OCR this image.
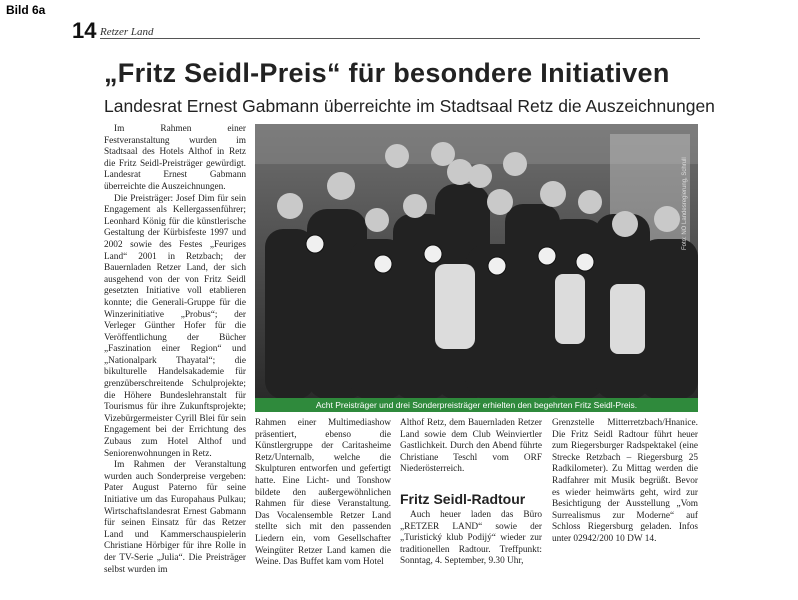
Bild 6a
14 Retzer Land
„Fritz Seidl-Preis“ für besondere Initiativen
Landesrat Ernest Gabmann überreichte im Stadtsaal Retz die Auszeichnungen

Im Rahmen einer Festveranstaltung wurden im Stadtsaal des Hotels Althof in Retz die Fritz Seidl-Preisträger gewürdigt. Landesrat Ernest Gabmann überreichte die Auszeichnungen.

Die Preisträger: Josef Dim für sein Engagement als Kellergassenführer; Leonhard König für die künstlerische Gestaltung der Kürbisfeste 1997 und 2002 sowie des Festes „Feuriges Land“ 2001 in Retzbach; der Bauernladen Retzer Land, der sich ausgehend von der von Fritz Seidl gesetzten Initiative voll etablieren konnte; die Generali-Gruppe für die Winzerinitiative „Probus“; der Verleger Günther Hofer für die Veröffentlichung der Bücher „Faszination einer Region“ und „Nationalpark Thayatal“; die bikulturelle Handelsakademie für grenzüberschreitende Schulprojekte; die Höhere Bundeslehranstalt für Tourismus für ihre Zukunftsprojekte; Vizebürgermeister Cyrill Blei für sein Engagement bei der Errichtung des Zubaus zum Hotel Althof und Seniorenwohnungen in Retz.

Im Rahmen der Veranstaltung wurden auch Sonderpreise vergeben: Pater August Paterno für seine Initiative um das Europahaus Pulkau; Wirtschaftslandesrat Ernest Gabmann für seinen Einsatz für das Retzer Land und Kammerschauspielerin Christiane Hörbiger für ihre Rolle in der TV-Serie „Julia“. Die Preisträger selbst wurden im

Foto: NÖ Landesregierung, Schrull
Acht Preisträger und drei Sonderpreisträger erhielten den begehrten Fritz Seidl-Preis.

Rahmen einer Multimediashow präsentiert, ebenso die Künstlergruppe der Caritasheime Retz/Unternalb, welche die Skulpturen entworfen und gefertigt hatte. Eine Licht- und Tonshow bildete den außergewöhnlichen Rahmen für diese Veranstaltung. Das Vocalensemble Retzer Land stellte sich mit den passenden Liedern ein, vom Gesellschafter Weingüter Retzer Land kamen die Weine. Das Buffet kam vom Hotel

Althof Retz, dem Bauernladen Retzer Land sowie dem Club Weinviertler Gastlichkeit. Durch den Abend führte Christiane Teschl vom ORF Niederösterreich.

Fritz Seidl-Radtour

Auch heuer laden das Büro „RETZER LAND“ sowie der „Turistický klub Podijý“ wieder zur traditionellen Radtour. Treffpunkt: Sonntag, 4. September, 9.30 Uhr,

Grenzstelle Mitterretzbach/Hnanice. Die Fritz Seidl Radtour führt heuer zum Riegersburger Radspektakel (eine Strecke Retzbach – Riegersburg 25 Radkilometer). Zu Mittag werden die Radfahrer mit Musik begrüßt. Bevor es wieder heimwärts geht, wird zur Besichtigung der Ausstellung „Vom Surrealismus zur Moderne“ auf Schloss Riegersburg geladen. Infos unter 02942/200 10 DW 14.
